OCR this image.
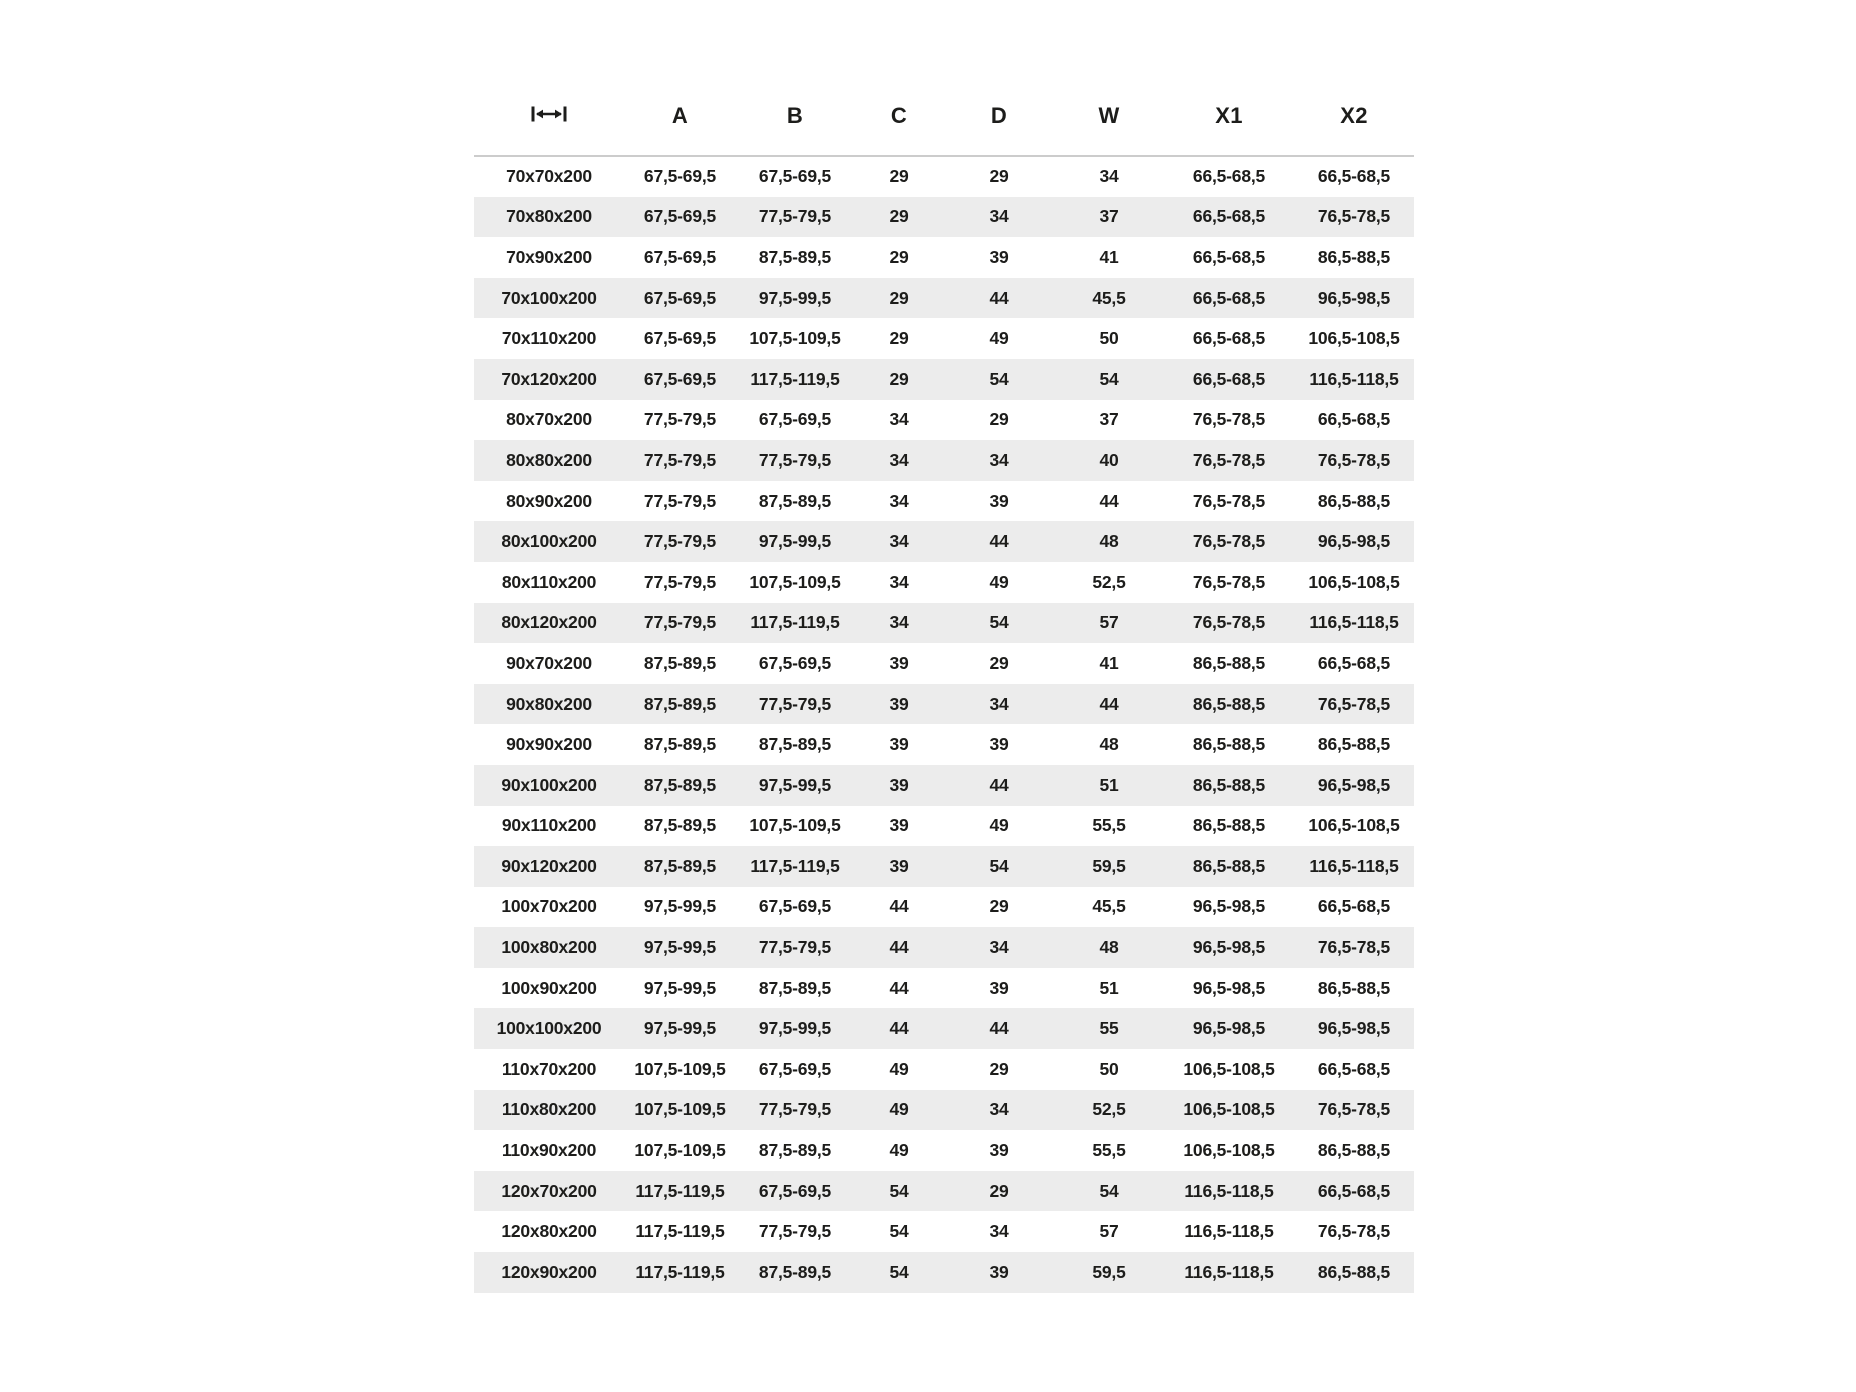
	A	B	C	D	W	X1	X2
70x70x200	67,5-69,5	67,5-69,5	29	29	34	66,5-68,5	66,5-68,5
70x80x200	67,5-69,5	77,5-79,5	29	34	37	66,5-68,5	76,5-78,5
70x90x200	67,5-69,5	87,5-89,5	29	39	41	66,5-68,5	86,5-88,5
70x100x200	67,5-69,5	97,5-99,5	29	44	45,5	66,5-68,5	96,5-98,5
70x110x200	67,5-69,5	107,5-109,5	29	49	50	66,5-68,5	106,5-108,5
70x120x200	67,5-69,5	117,5-119,5	29	54	54	66,5-68,5	116,5-118,5
80x70x200	77,5-79,5	67,5-69,5	34	29	37	76,5-78,5	66,5-68,5
80x80x200	77,5-79,5	77,5-79,5	34	34	40	76,5-78,5	76,5-78,5
80x90x200	77,5-79,5	87,5-89,5	34	39	44	76,5-78,5	86,5-88,5
80x100x200	77,5-79,5	97,5-99,5	34	44	48	76,5-78,5	96,5-98,5
80x110x200	77,5-79,5	107,5-109,5	34	49	52,5	76,5-78,5	106,5-108,5
80x120x200	77,5-79,5	117,5-119,5	34	54	57	76,5-78,5	116,5-118,5
90x70x200	87,5-89,5	67,5-69,5	39	29	41	86,5-88,5	66,5-68,5
90x80x200	87,5-89,5	77,5-79,5	39	34	44	86,5-88,5	76,5-78,5
90x90x200	87,5-89,5	87,5-89,5	39	39	48	86,5-88,5	86,5-88,5
90x100x200	87,5-89,5	97,5-99,5	39	44	51	86,5-88,5	96,5-98,5
90x110x200	87,5-89,5	107,5-109,5	39	49	55,5	86,5-88,5	106,5-108,5
90x120x200	87,5-89,5	117,5-119,5	39	54	59,5	86,5-88,5	116,5-118,5
100x70x200	97,5-99,5	67,5-69,5	44	29	45,5	96,5-98,5	66,5-68,5
100x80x200	97,5-99,5	77,5-79,5	44	34	48	96,5-98,5	76,5-78,5
100x90x200	97,5-99,5	87,5-89,5	44	39	51	96,5-98,5	86,5-88,5
100x100x200	97,5-99,5	97,5-99,5	44	44	55	96,5-98,5	96,5-98,5
110x70x200	107,5-109,5	67,5-69,5	49	29	50	106,5-108,5	66,5-68,5
110x80x200	107,5-109,5	77,5-79,5	49	34	52,5	106,5-108,5	76,5-78,5
110x90x200	107,5-109,5	87,5-89,5	49	39	55,5	106,5-108,5	86,5-88,5
120x70x200	117,5-119,5	67,5-69,5	54	29	54	116,5-118,5	66,5-68,5
120x80x200	117,5-119,5	77,5-79,5	54	34	57	116,5-118,5	76,5-78,5
120x90x200	117,5-119,5	87,5-89,5	54	39	59,5	116,5-118,5	86,5-88,5
